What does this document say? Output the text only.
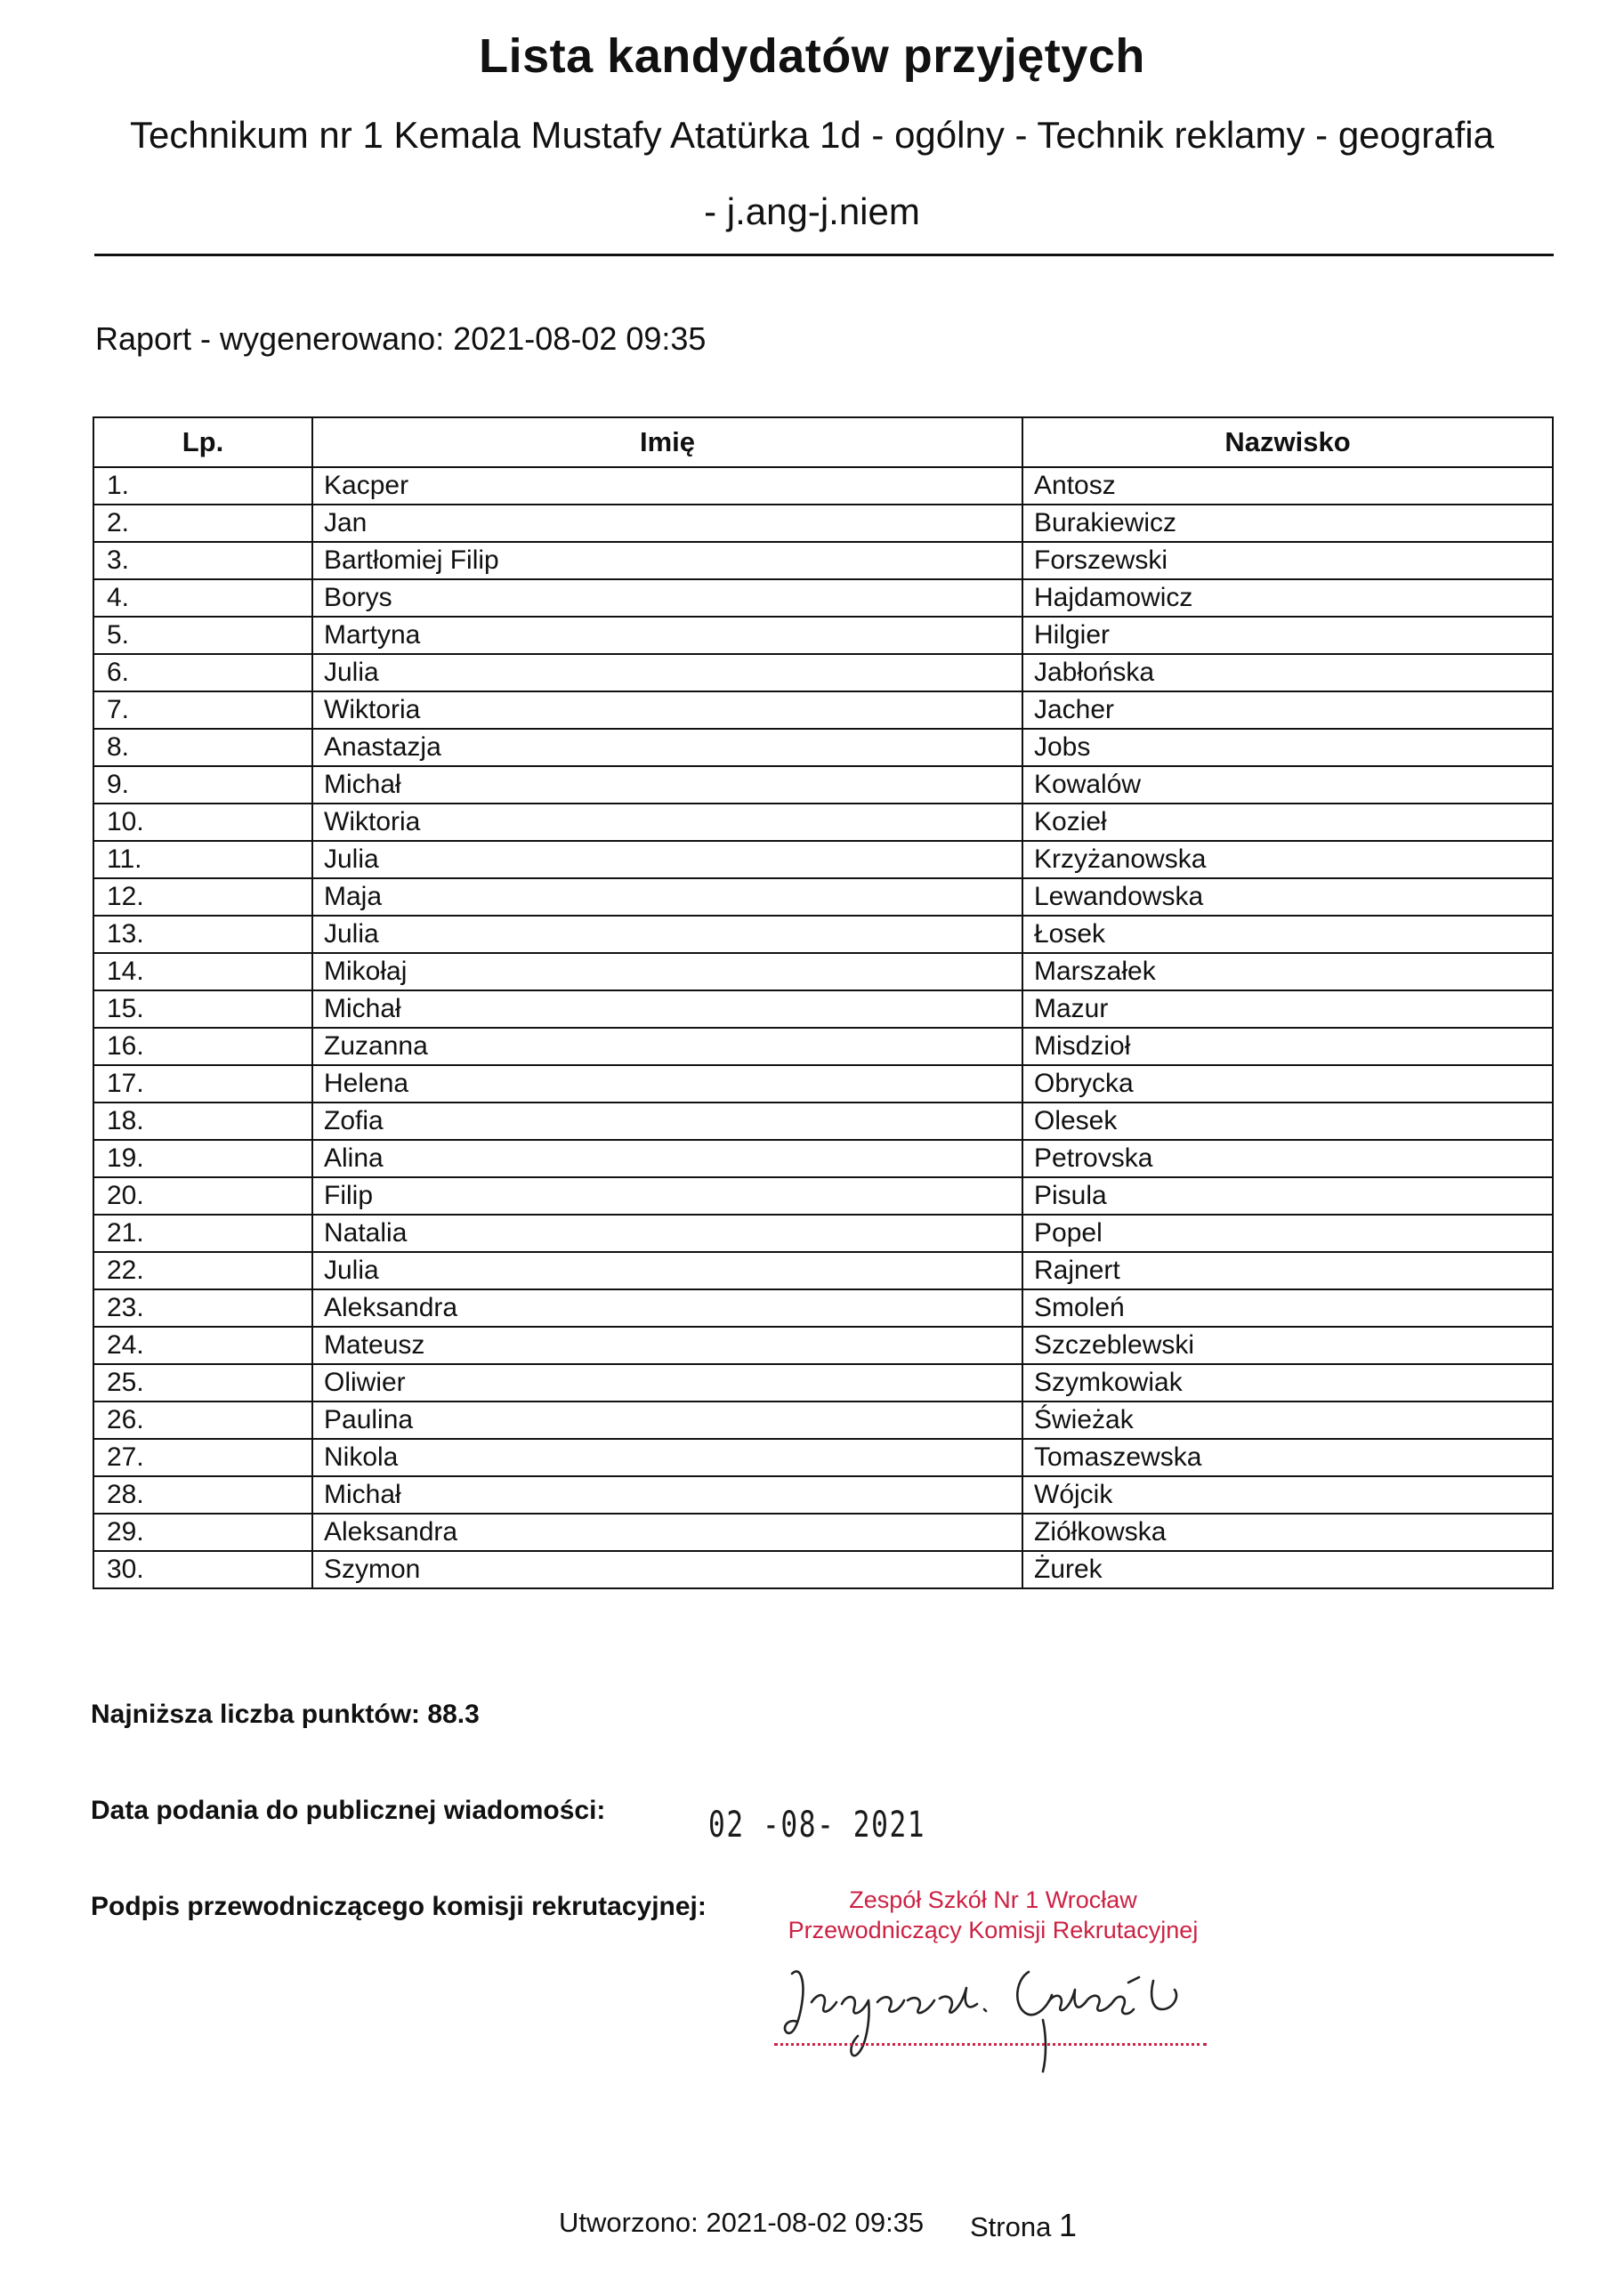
Lista kandydatów przyjętych
Technikum nr 1 Kemala Mustafy Atatürka 1d - ogólny - Technik reklamy - geografia
- j.ang-j.niem
Raport - wygenerowano: 2021-08-02 09:35
Lp.	Imię	Nazwisko
1.	Kacper	Antosz
2.	Jan	Burakiewicz
3.	Bartłomiej Filip	Forszewski
4.	Borys	Hajdamowicz
5.	Martyna	Hilgier
6.	Julia	Jabłońska
7.	Wiktoria	Jacher
8.	Anastazja	Jobs
9.	Michał	Kowalów
10.	Wiktoria	Kozieł
11.	Julia	Krzyżanowska
12.	Maja	Lewandowska
13.	Julia	Łosek
14.	Mikołaj	Marszałek
15.	Michał	Mazur
16.	Zuzanna	Misdzioł
17.	Helena	Obrycka
18.	Zofia	Olesek
19.	Alina	Petrovska
20.	Filip	Pisula
21.	Natalia	Popel
22.	Julia	Rajnert
23.	Aleksandra	Smoleń
24.	Mateusz	Szczeblewski
25.	Oliwier	Szymkowiak
26.	Paulina	Świeżak
27.	Nikola	Tomaszewska
28.	Michał	Wójcik
29.	Aleksandra	Ziółkowska
30.	Szymon	Żurek
Najniższa liczba punktów: 88.3
Data podania do publicznej wiadomości:	02 -08- 2021
Podpis przewodniczącego komisji rekrutacyjnej:	Zespół Szkół Nr 1 Wrocław
Przewodniczący Komisji Rekrutacyjnej
Utworzono: 2021-08-02 09:35 Strona 1
